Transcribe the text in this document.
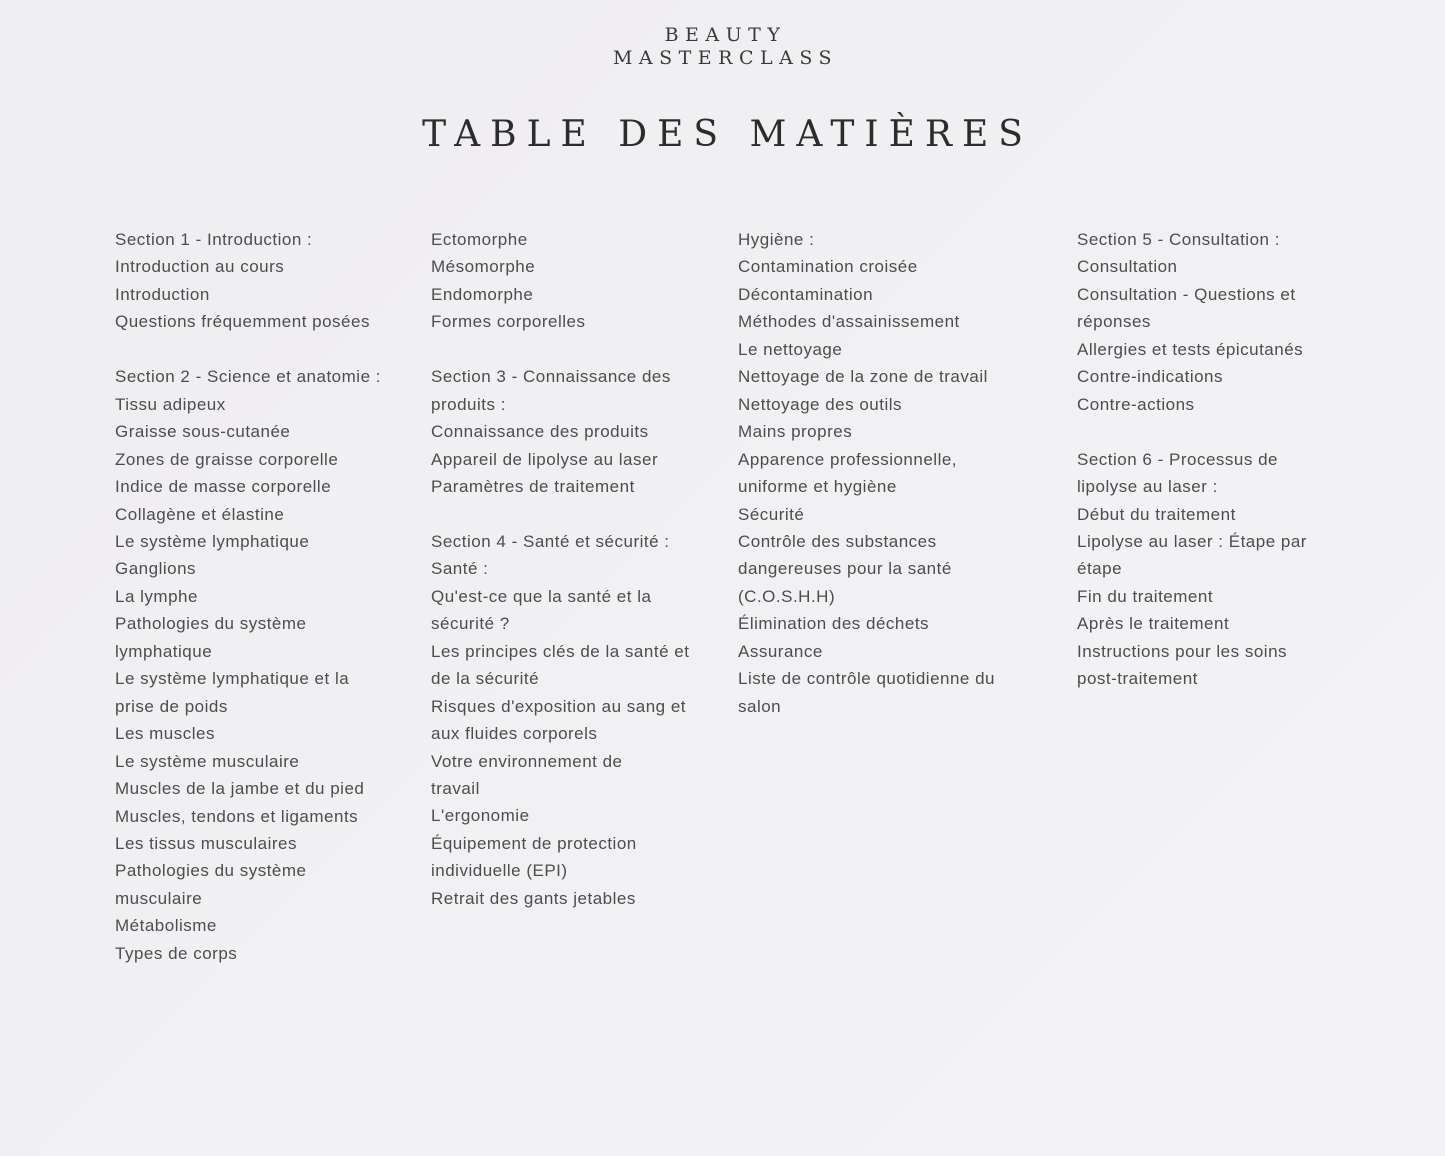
BEAUTY
MASTERCLASS
TABLE DES MATIÈRES
Section 1 - Introduction :
Introduction au cours
Introduction
Questions fréquemment posées
Section 2 - Science et anatomie :
Tissu adipeux
Graisse sous-cutanée
Zones de graisse corporelle
Indice de masse corporelle
Collagène et élastine
Le système lymphatique
Ganglions
La lymphe
Pathologies du système
lymphatique
Le système lymphatique et la
prise de poids
Les muscles
Le système musculaire
Muscles de la jambe et du pied
Muscles, tendons et ligaments
Les tissus musculaires
Pathologies du système
musculaire
Métabolisme
Types de corps
Ectomorphe
Mésomorphe
Endomorphe
Formes corporelles
Section 3 - Connaissance des
produits :
Connaissance des produits
Appareil de lipolyse au laser
Paramètres de traitement
Section 4 - Santé et sécurité :
Santé :
Qu'est-ce que la santé et la
sécurité ?
Les principes clés de la santé et
de la sécurité
Risques d'exposition au sang et
aux fluides corporels
Votre environnement de
travail
L'ergonomie
Équipement de protection
individuelle (EPI)
Retrait des gants jetables
Hygiène :
Contamination croisée
Décontamination
Méthodes d'assainissement
Le nettoyage
Nettoyage de la zone de travail
Nettoyage des outils
Mains propres
Apparence professionnelle,
uniforme et hygiène
Sécurité
Contrôle des substances
dangereuses pour la santé
(C.O.S.H.H)
Élimination des déchets
Assurance
Liste de contrôle quotidienne du
salon
Section 5 - Consultation :
Consultation
Consultation - Questions et
réponses
Allergies et tests épicutanés
Contre-indications
Contre-actions
Section 6 - Processus de
lipolyse au laser :
Début du traitement
Lipolyse au laser : Étape par
étape
Fin du traitement
Après le traitement
Instructions pour les soins
post-traitement
